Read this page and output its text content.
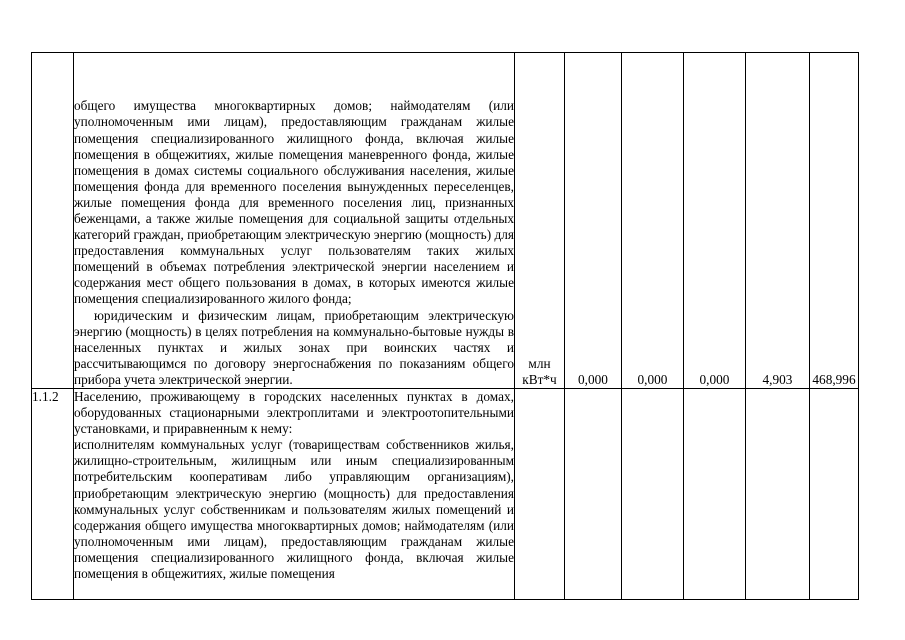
	общего имущества многоквартирных домов; наймодателям (или уполномоченным ими лицам), предоставляющим гражданам жилые помещения специализированного жилищного фонда, включая жилые помещения в общежитиях, жилые помещения маневренного фонда, жилые помещения в домах системы социального обслуживания населения, жилые помещения фонда для временного поселения вынужденных переселенцев, жилые помещения фонда для временного поселения лиц, признанных беженцами, а также жилые помещения для социальной защиты отдельных категорий граждан, приобретающим электрическую энергию (мощность) для предоставления коммунальных услуг пользователям таких жилых помещений в объемах потребления электрической энергии населением и содержания мест общего пользования в домах, в которых имеются жилые помещения специализированного жилого фонда;

юридическим и физическим лицам, приобретающим электрическую энергию (мощность) в целях потребления на коммунально-бытовые нужды в населенных пунктах и жилых зонах при воинских частях и рассчитывающимся по договору энергоснабжения по показаниям общего прибора учета электрической энергии.	млн кВт*ч	0,000	0,000	0,000	4,903	468,996
1.1.2	Населению, проживающему в городских населенных пунктах в домах, оборудованных стационарными электроплитами и электроотопительными установками, и приравненным к нему:

исполнителям коммунальных услуг (товариществам собственников жилья, жилищно-строительным, жилищным или иным специализированным потребительским кооперативам либо управляющим организациям), приобретающим электрическую энергию (мощность) для предоставления коммунальных услуг собственникам и пользователям жилых помещений и содержания общего имущества многоквартирных домов; наймодателям (или уполномоченным ими лицам), предоставляющим гражданам жилые помещения специализированного жилищного фонда, включая жилые помещения в общежитиях, жилые помещения						
